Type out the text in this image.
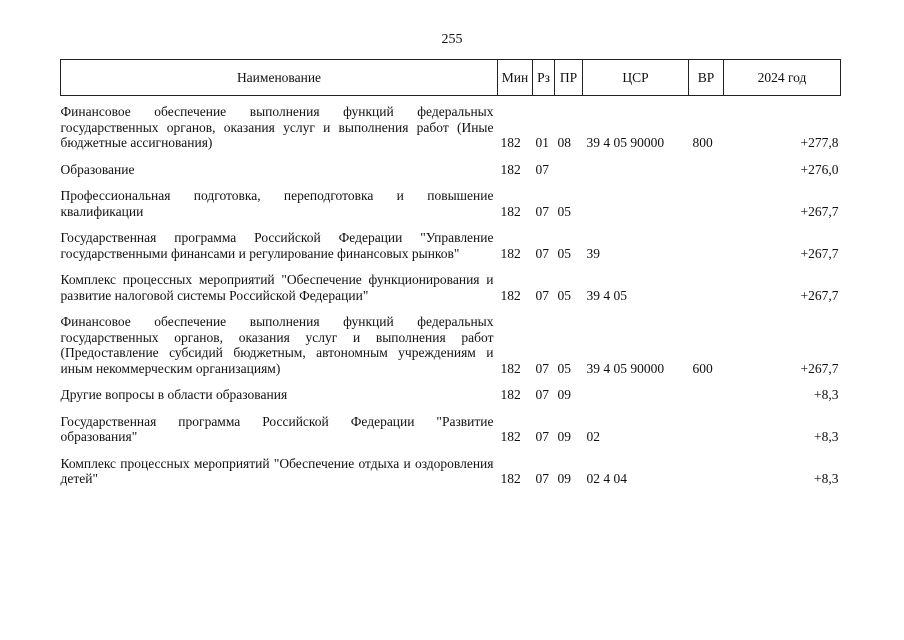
255
Наименование	Мин	Рз	ПР	ЦСР	ВР	2024 год

Финансовое обеспечение выполнения функций федеральных государственных органов, оказания услуг и выполнения работ (Иные бюджетные ассигнования)	182	01	08	39 4 05 90000	800	+277,8
Образование	182	07				+276,0
Профессиональная подготовка, переподготовка и повышение квалификации	182	07	05			+267,7
Государственная программа Российской Федерации "Управление государственными финансами и регулирование финансовых рынков"	182	07	05	39		+267,7
Комплекс процессных мероприятий "Обеспечение функционирования и развитие налоговой системы Российской Федерации"	182	07	05	39 4 05		+267,7
Финансовое обеспечение выполнения функций федеральных государственных органов, оказания услуг и выполнения работ (Предоставление субсидий бюджетным, автономным учреждениям и иным некоммерческим организациям)	182	07	05	39 4 05 90000	600	+267,7
Другие вопросы в области образования	182	07	09			+8,3
Государственная программа Российской Федерации "Развитие образования"	182	07	09	02		+8,3
Комплекс процессных мероприятий "Обеспечение отдыха и оздоровления детей"	182	07	09	02 4 04		+8,3
